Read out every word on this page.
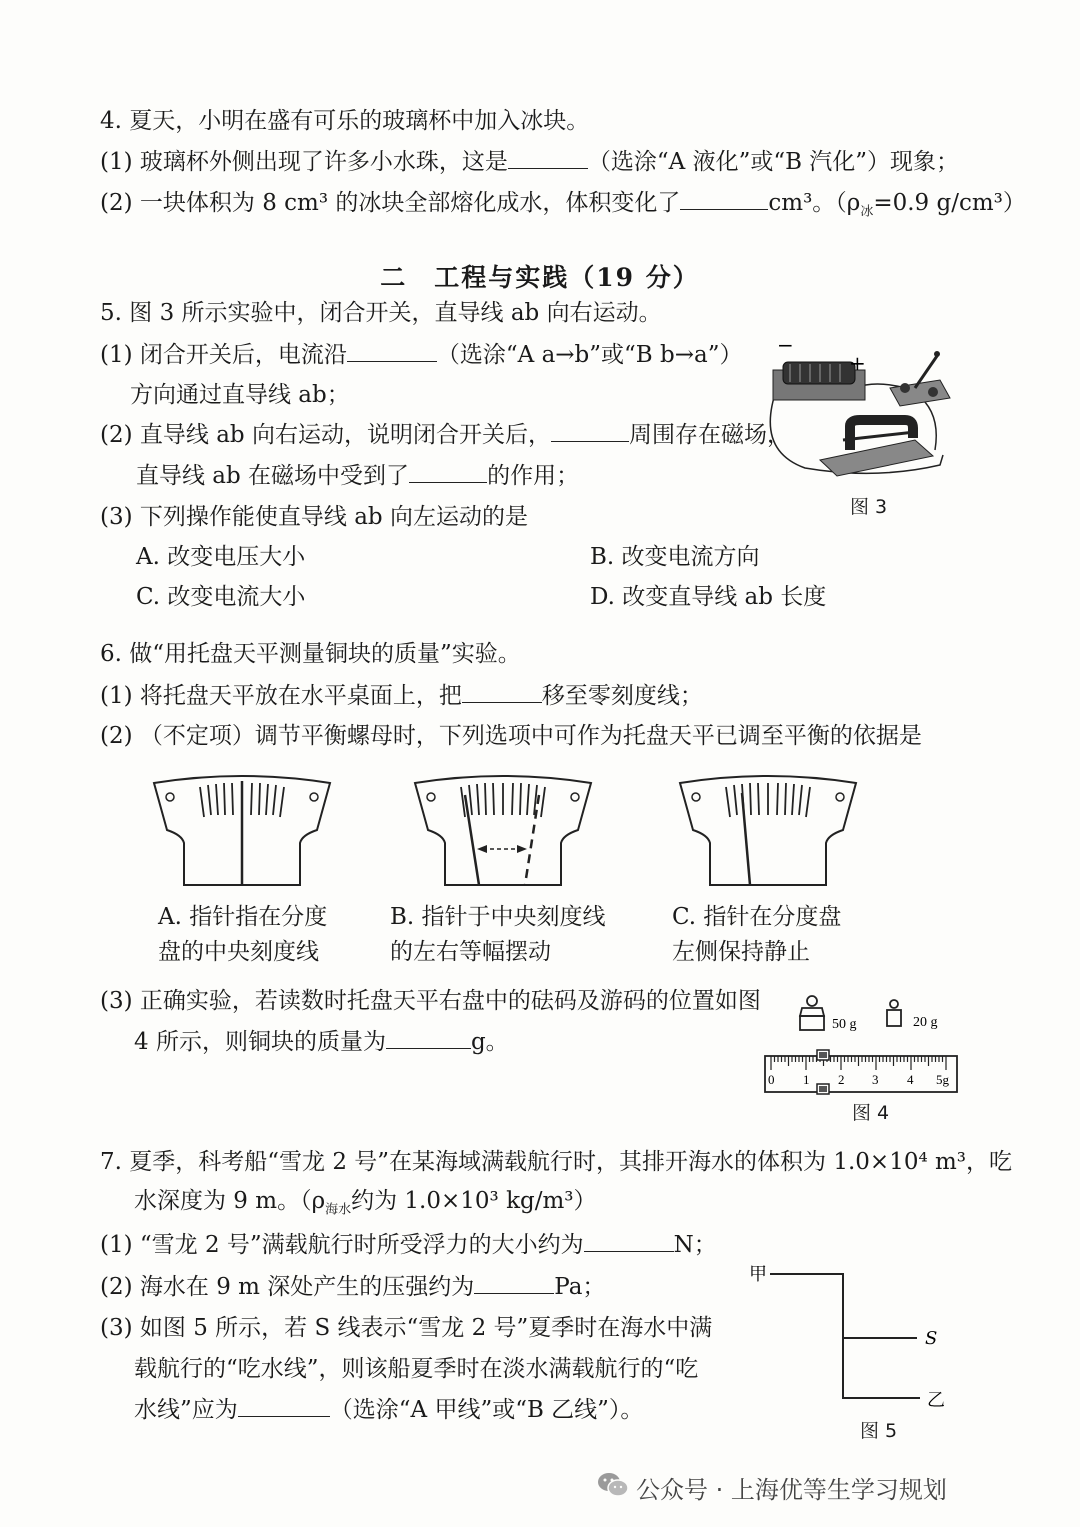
4. 夏天，小明在盛有可乐的玻璃杯中加入冰块。
(1) 玻璃杯外侧出现了许多小水珠，这是	（选涂“A 液化”或“B 汽化”）现象；
(2) 一块体积为 8 cm³ 的冰块全部熔化成水，体积变化了	cm³。（$\rho_冰=0.9$ g/cm³）
二　工程与实践（19 分）
5. 图 3 所示实验中，闭合开关，直导线 ab 向右运动。
(1) 闭合开关后，电流沿	（选涂“A a→b”或“B b→a”）
方向通过直导线 ab；
(2) 直导线 ab 向右运动，说明闭合开关后，	周围存在磁场，
直导线 ab 在磁场中受到了	的作用；
(3) 下列操作能使直导线 ab 向左运动的是
A. 改变电压大小	B. 改变电流方向
C. 改变电流大小	D. 改变直导线 ab 长度
−
+
图 3
6. 做“用托盘天平测量铜块的质量”实验。
(1) 将托盘天平放在水平桌面上，把	移至零刻度线；
(2) （不定项）调节平衡螺母时，下列选项中可作为托盘天平已调至平衡的依据是
A. 指针指在分度
盘的中央刻度线
B. 指针于中央刻度线
的左右等幅摆动
C. 指针在分度盘
左侧保持静止
(3) 正确实验，若读数时托盘天平右盘中的砝码及游码的位置如图
4 所示，则铜块的质量为	g。
50 g	20 g
0 1 2 3 4 5g
图 4
7. 夏季，科考船“雪龙 2 号”在某海域满载航行时，其排开海水的体积为 1.0×10⁴ m³，吃
水深度为 9 m。（$\rho_{海水}$约为 1.0×10³ kg/m³）
(1) “雪龙 2 号”满载航行时所受浮力的大小约为	N；
(2) 海水在 9 m 深处产生的压强约为	Pa；
(3) 如图 5 所示，若 S 线表示“雪龙 2 号”夏季时在海水中满
载航行的“吃水线”，则该船夏季时在淡水满载航行的“吃
水线”应为	（选涂“A 甲线”或“B 乙线”）。
甲
S
乙
图 5
公众号 · 上海优等生学习规划
